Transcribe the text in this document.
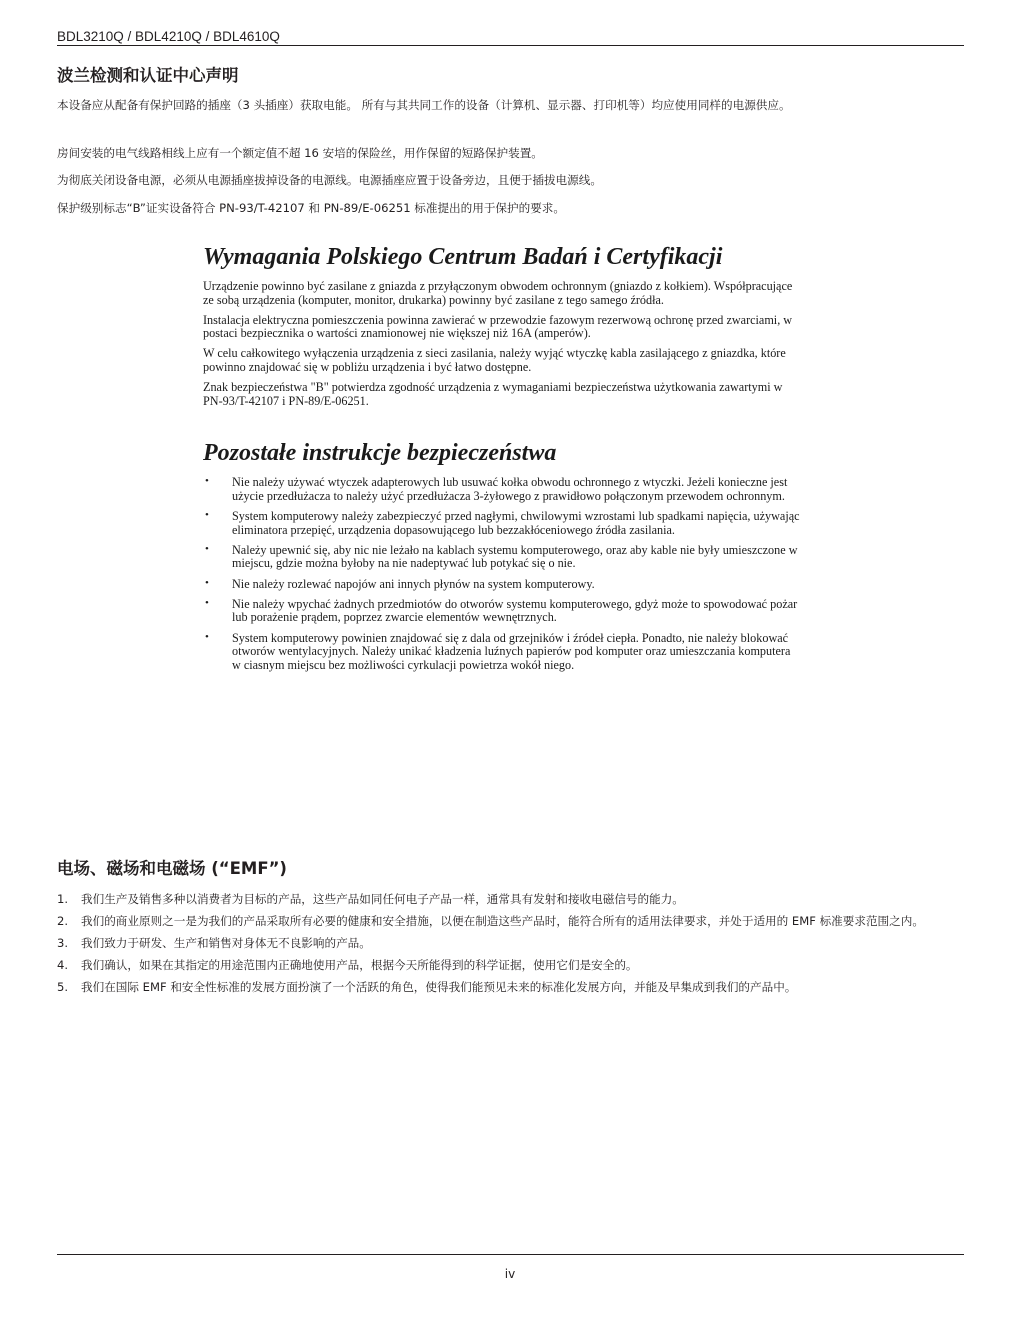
BDL3210Q / BDL4210Q / BDL4610Q
波兰检测和认证中心声明
本设备应从配备有保护回路的插座（3 头插座）获取电能。 所有与其共同工作的设备（计算机、显示器、打印机等）均应使用同样的电源供应。
房间安装的电气线路相线上应有一个额定值不超 16 安培的保险丝，用作保留的短路保护装置。
为彻底关闭设备电源，必须从电源插座拔掉设备的电源线。电源插座应置于设备旁边，且便于插拔电源线。
保护级别标志“B”证实设备符合 PN-93/T-42107 和 PN-89/E-06251 标准提出的用于保护的要求。
Wymagania Polskiego Centrum Badań i Certyfikacji

Urządzenie powinno być zasilane z gniazda z przyłączonym obwodem ochronnym (gniazdo z kołkiem). Współpracujące ze sobą urządzenia (komputer, monitor, drukarka) powinny być zasilane z tego samego źródła.

Instalacja elektryczna pomieszczenia powinna zawierać w przewodzie fazowym rezerwową ochronę przed zwarciami, w postaci bezpiecznika o wartości znamionowej nie większej niż 16A (amperów).

W celu całkowitego wyłączenia urządzenia z sieci zasilania, należy wyjąć wtyczkę kabla zasilającego z gniazdka, które powinno znajdować się w pobliżu urządzenia i być łatwo dostępne.

Znak bezpieczeństwa "B" potwierdza zgodność urządzenia z wymaganiami bezpieczeństwa użytkowania zawartymi w PN-93/T-42107 i PN-89/E-06251.

Pozostałe instrukcje bezpieczeństwa
• Nie należy używać wtyczek adapterowych lub usuwać kołka obwodu ochronnego z wtyczki. Jeżeli konieczne jest użycie przedłużacza to należy użyć przedłużacza 3-żyłowego z prawidłowo połączonym przewodem ochronnym.
• System komputerowy należy zabezpieczyć przed nagłymi, chwilowymi wzrostami lub spadkami napięcia, używając eliminatora przepięć, urządzenia dopasowującego lub bezzakłóceniowego źródła zasilania.
• Należy upewnić się, aby nic nie leżało na kablach systemu komputerowego, oraz aby kable nie były umieszczone w miejscu, gdzie można byłoby na nie nadeptywać lub potykać się o nie.
• Nie należy rozlewać napojów ani innych płynów na system komputerowy.
• Nie należy wpychać żadnych przedmiotów do otworów systemu komputerowego, gdyż może to spowodować pożar lub porażenie prądem, poprzez zwarcie elementów wewnętrznych.
• System komputerowy powinien znajdować się z dala od grzejników i źródeł ciepła. Ponadto, nie należy blokować otworów wentylacyjnych. Należy unikać kładzenia luźnych papierów pod komputer oraz umieszczania komputera w ciasnym miejscu bez możliwości cyrkulacji powietrza wokół niego.
电场、磁场和电磁场 (“EMF”)
1. 我们生产及销售多种以消费者为目标的产品，这些产品如同任何电子产品一样，通常具有发射和接收电磁信号的能力。
2. 我们的商业原则之一是为我们的产品采取所有必要的健康和安全措施，以便在制造这些产品时，能符合所有的适用法律要求，并处于适用的 EMF 标准要求范围之内。
3. 我们致力于研发、生产和销售对身体无不良影响的产品。
4. 我们确认，如果在其指定的用途范围内正确地使用产品，根据今天所能得到的科学证据，使用它们是安全的。
5. 我们在国际 EMF 和安全性标准的发展方面扮演了一个活跃的角色，使得我们能预见未来的标准化发展方向，并能及早集成到我们的产品中。
iv
